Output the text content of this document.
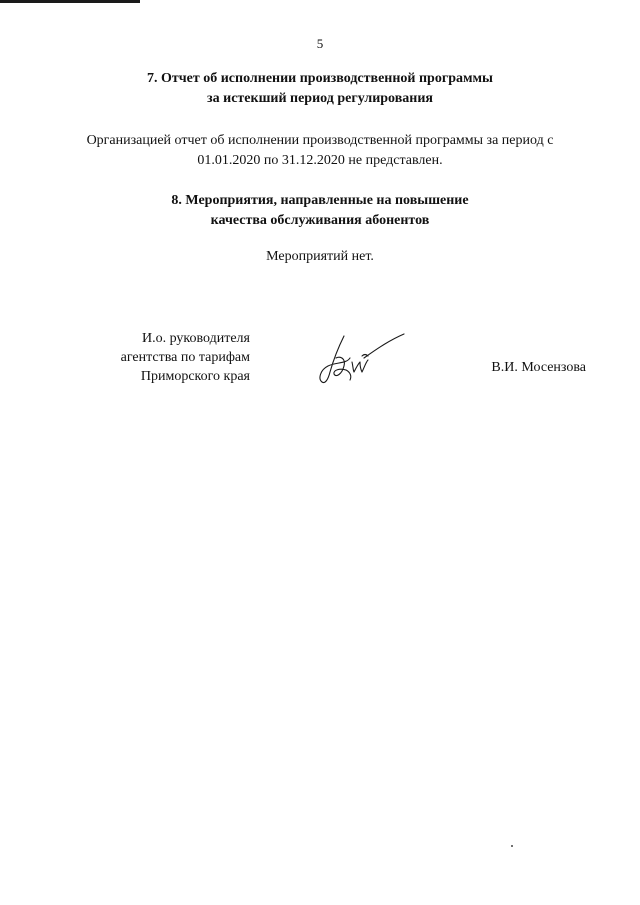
5
7. Отчет об исполнении производственной программы
за истекший период регулирования
Организацией отчет об исполнении производственной программы за период с
01.01.2020 по 31.12.2020 не представлен.
8. Мероприятия, направленные на повышение
качества обслуживания абонентов
Мероприятий нет.
И.о. руководителя
агентства по тарифам
Приморского края
В.И. Мосензова
